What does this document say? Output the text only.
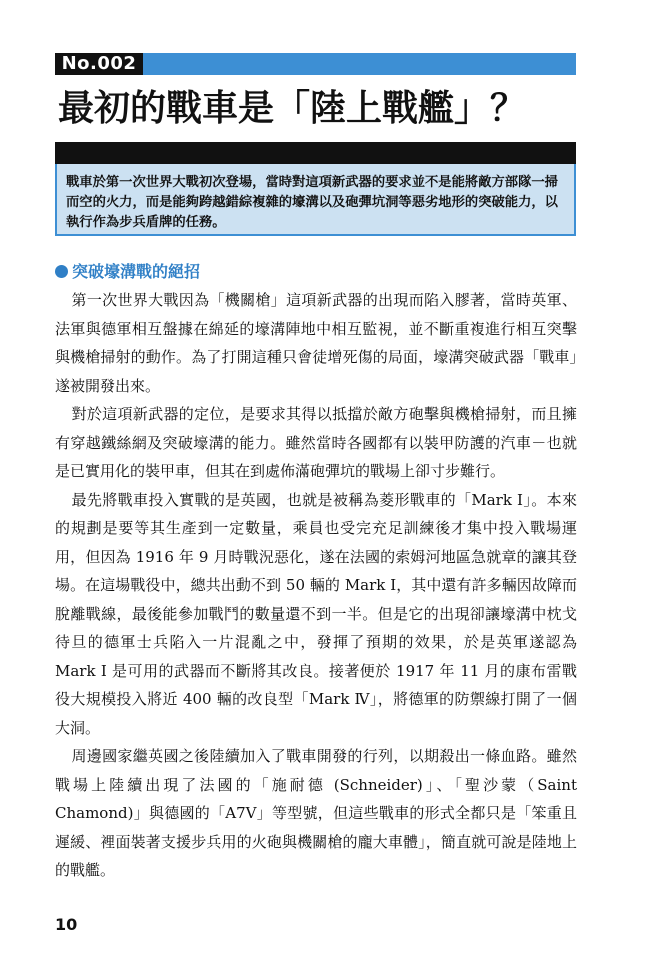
No.002
最初的戰車是「陸上戰艦」？
戰車於第一次世界大戰初次登場，當時對這項新武器的要求並不是能將敵方部隊一掃而空的火力，而是能夠跨越錯綜複雜的壕溝以及砲彈坑洞等惡劣地形的突破能力，以執行作為步兵盾牌的任務。
突破壕溝戰的絕招

第一次世界大戰因為「機關槍」這項新武器的出現而陷入膠著，當時英軍、法軍與德軍相互盤據在綿延的壕溝陣地中相互監視，並不斷重複進行相互突擊與機槍掃射的動作。為了打開這種只會徒增死傷的局面，壕溝突破武器「戰車」遂被開發出來。

對於這項新武器的定位，是要求其得以抵擋於敵方砲擊與機槍掃射，而且擁有穿越鐵絲網及突破壕溝的能力。雖然當時各國都有以裝甲防護的汽車－也就是已實用化的裝甲車，但其在到處佈滿砲彈坑的戰場上卻寸步難行。

最先將戰車投入實戰的是英國，也就是被稱為菱形戰車的「Mark I」。本來的規劃是要等其生產到一定數量，乘員也受完充足訓練後才集中投入戰場運用，但因為 1916 年 9 月時戰況惡化，遂在法國的索姆河地區急就章的讓其登場。在這場戰役中，總共出動不到 50 輛的 Mark I，其中還有許多輛因故障而脫離戰線，最後能參加戰鬥的數量還不到一半。但是它的出現卻讓壕溝中枕戈待旦的德軍士兵陷入一片混亂之中，發揮了預期的效果，於是英軍遂認為 Mark I 是可用的武器而不斷將其改良。接著便於 1917 年 11 月的康布雷戰役大規模投入將近 400 輛的改良型「Mark Ⅳ」，將德軍的防禦線打開了一個大洞。

周邊國家繼英國之後陸續加入了戰車開發的行列，以期殺出一條血路。雖然戰場上陸續出現了法國的「施耐德 (Schneider)」、「聖沙蒙（Saint Chamond)」與德國的「A7V」等型號，但這些戰車的形式全都只是「笨重且遲緩、裡面裝著支援步兵用的火砲與機關槍的龐大車體」，簡直就可說是陸地上的戰艦。

10
